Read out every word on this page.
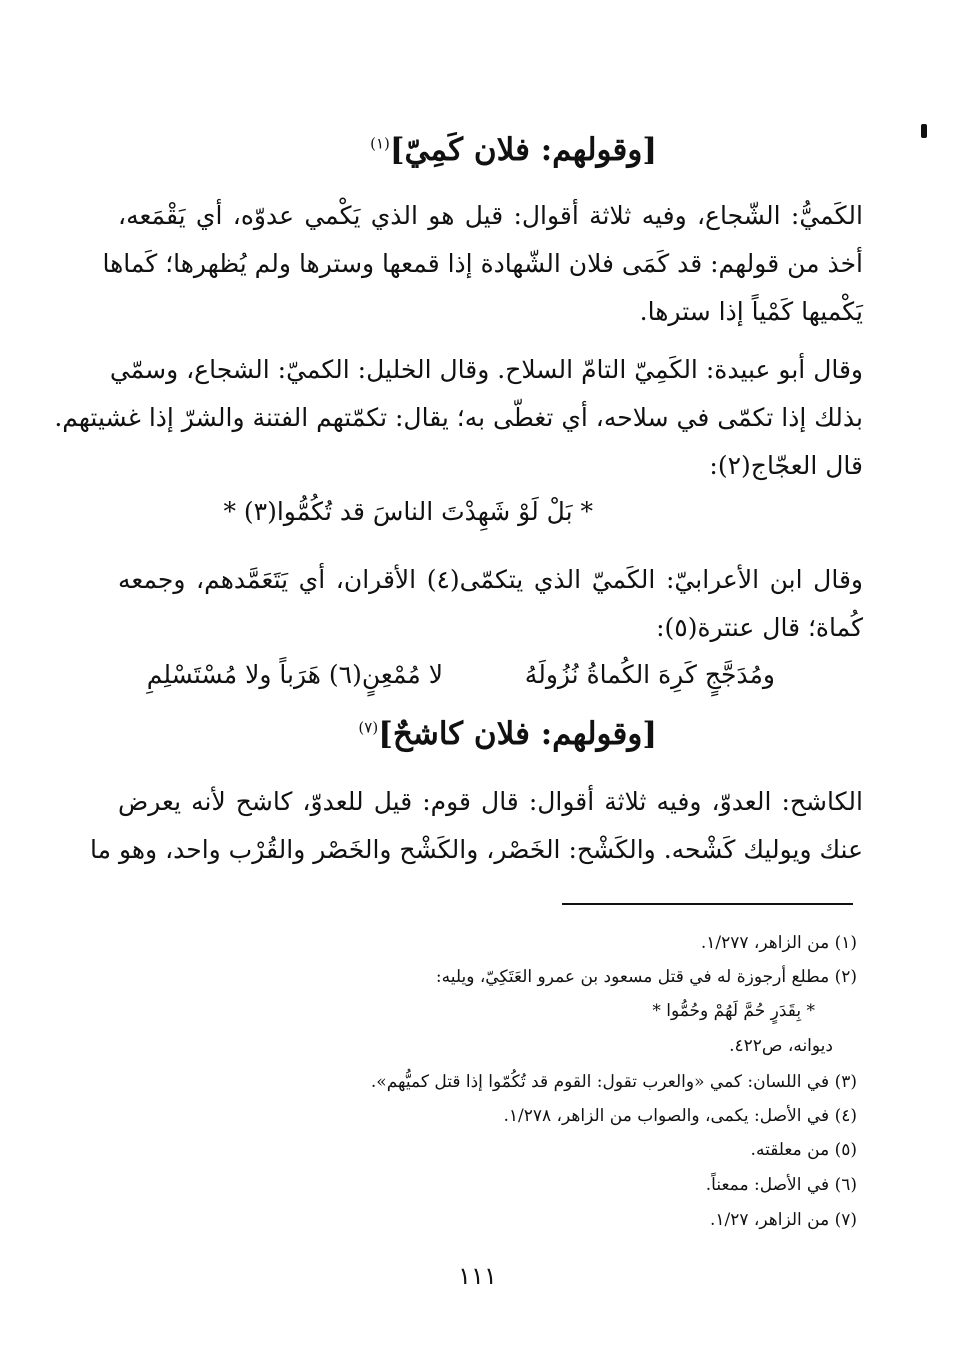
[وقولهم: فلان كَمِيّ]$^{(١)}$
الكَميُّ: الشّجاع، وفيه ثلاثة أقوال: قيل هو الذي يَكْمي عدوّه، أي يَقْمَعه،
أخذ من قولهم: قد كَمَى فلان الشّهادة إذا قمعها وسترها ولم يُظهرها؛ كَماها
يَكْميها كَمْياً إذا سترها.
وقال أبو عبيدة: الكَمِيّ التامّ السلاح. وقال الخليل: الكميّ: الشجاع، وسمّي
بذلك إذا تكمّى في سلاحه، أي تغطّى به؛ يقال: تكمّتهم الفتنة والشرّ إذا غشيتهم.
قال العجّاج(٢):
* بَلْ لَوْ شَهِدْتَ الناسَ قد تُكُمُّوا(٣) *
وقال ابن الأعرابيّ: الكَميّ الذي يتكمّى(٤) الأقران، أي يَتَعَمَّدهم، وجمعه
كُماة؛ قال عنترة(٥):
ومُدَجَّجٍ كَرِهَ الكُماةُ نُزُولَهُ
لا مُمْعِنٍ(٦) هَرَباً ولا مُسْتَسْلِمِ
[وقولهم: فلان كاشحٌ]$^{(٧)}$
الكاشح: العدوّ، وفيه ثلاثة أقوال: قال قوم: قيل للعدوّ، كاشح لأنه يعرض
عنك ويوليك كَشْحه. والكَشْح: الخَصْر، والكَشْح والخَصْر والقُرْب واحد، وهو ما
(١) من الزاهر، ١/٢٧٧.
(٢) مطلع أرجوزة له في قتل مسعود بن عمرو العَتَكِيّ، ويليه:
* بِقَدَرٍ حُمَّ لَهُمْ وحُمُّوا *
ديوانه، ص٤٢٢.
(٣) في اللسان: كمي «والعرب تقول: القوم قد تُكُمّوا إذا قتل كميُّهم».
(٤) في الأصل: يكمى، والصواب من الزاهر، ١/٢٧٨.
(٥) من معلقته.
(٦) في الأصل: ممعناً.
(٧) من الزاهر، ١/٢٧.
١١١
